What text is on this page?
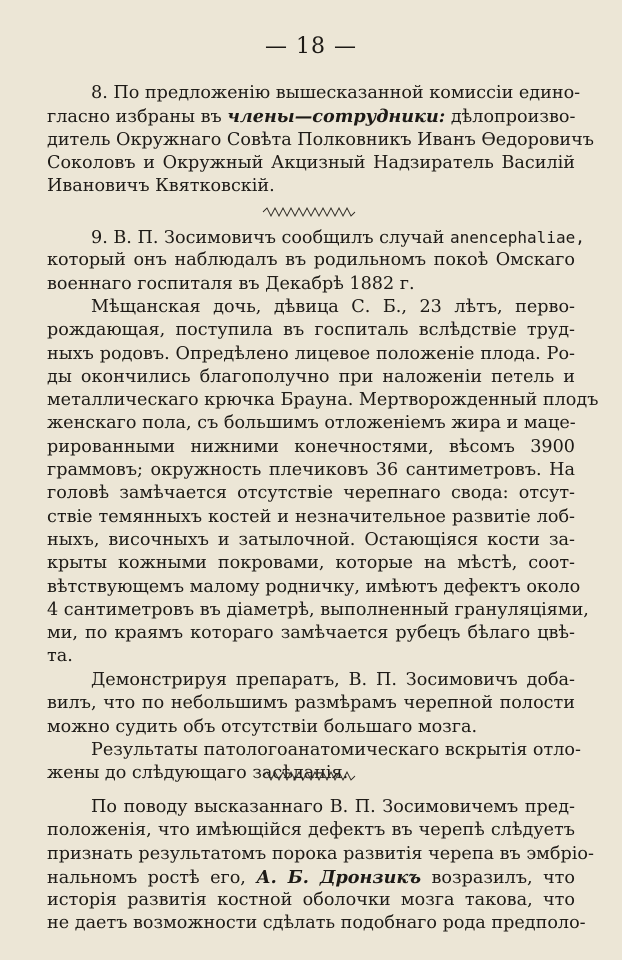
— 18 —
8. По предложенію вышесказанной комиссіи едино-
гласно избраны въ члены—сотрудники: дѣлопроизво-
дитель Окружнаго Совѣта Полковникъ Иванъ Ѳедоровичъ
Соколовъ и Окружный Акцизный Надзиратель Василій
Ивановичъ Квятковскій.
9. В. П. Зосимовичъ сообщилъ случай anencephaliae,
который онъ наблюдалъ въ родильномъ покоѣ Омскаго
военнаго госпиталя въ Декабрѣ 1882 г.
Мѣщанская дочь, дѣвица С. Б., 23 лѣтъ, перво-
рождающая, поступила въ госпиталь вслѣдствіе труд-
ныхъ родовъ. Опредѣлено лицевое положеніе плода. Ро-
ды окончились благополучно при наложеніи петель и
металлическаго крючка Брауна. Мертворожденный плодъ
женскаго пола, съ большимъ отложеніемъ жира и маце-
рированными нижними конечностями, вѣсомъ 3900
граммовъ; окружность плечиковъ 36 сантиметровъ. На
головѣ замѣчается отсутствіе черепнаго свода: отсут-
ствіе темянныхъ костей и незначительное развитіе лоб-
ныхъ, височныхъ и затылочной. Остающіяся кости за-
крыты кожными покровами, которые на мѣстѣ, соот-
вѣтствующемъ малому родничку, имѣютъ дефектъ около
4 сантиметровъ въ діаметрѣ, выполненный грануляціями,
ми, по краямъ котораго замѣчается рубецъ бѣлаго цвѣ-
та.
Демонстрируя препаратъ, В. П. Зосимовичъ доба-
вилъ, что по небольшимъ размѣрамъ черепной полости
можно судить объ отсутствіи большаго мозга.
Результаты патологоанатомическаго вскрытія отло-
жены до слѣдующаго засѣданія.
По поводу высказаннаго В. П. Зосимовичемъ пред-
положенія, что имѣющійся дефектъ въ черепѣ слѣдуетъ
признать результатомъ порока развитія черепа въ эмбріо-
нальномъ ростѣ его, А. Б. Дронзикъ возразилъ, что
исторія развитія костной оболочки мозга такова, что
не даетъ возможности сдѣлать подобнаго рода предполо-
